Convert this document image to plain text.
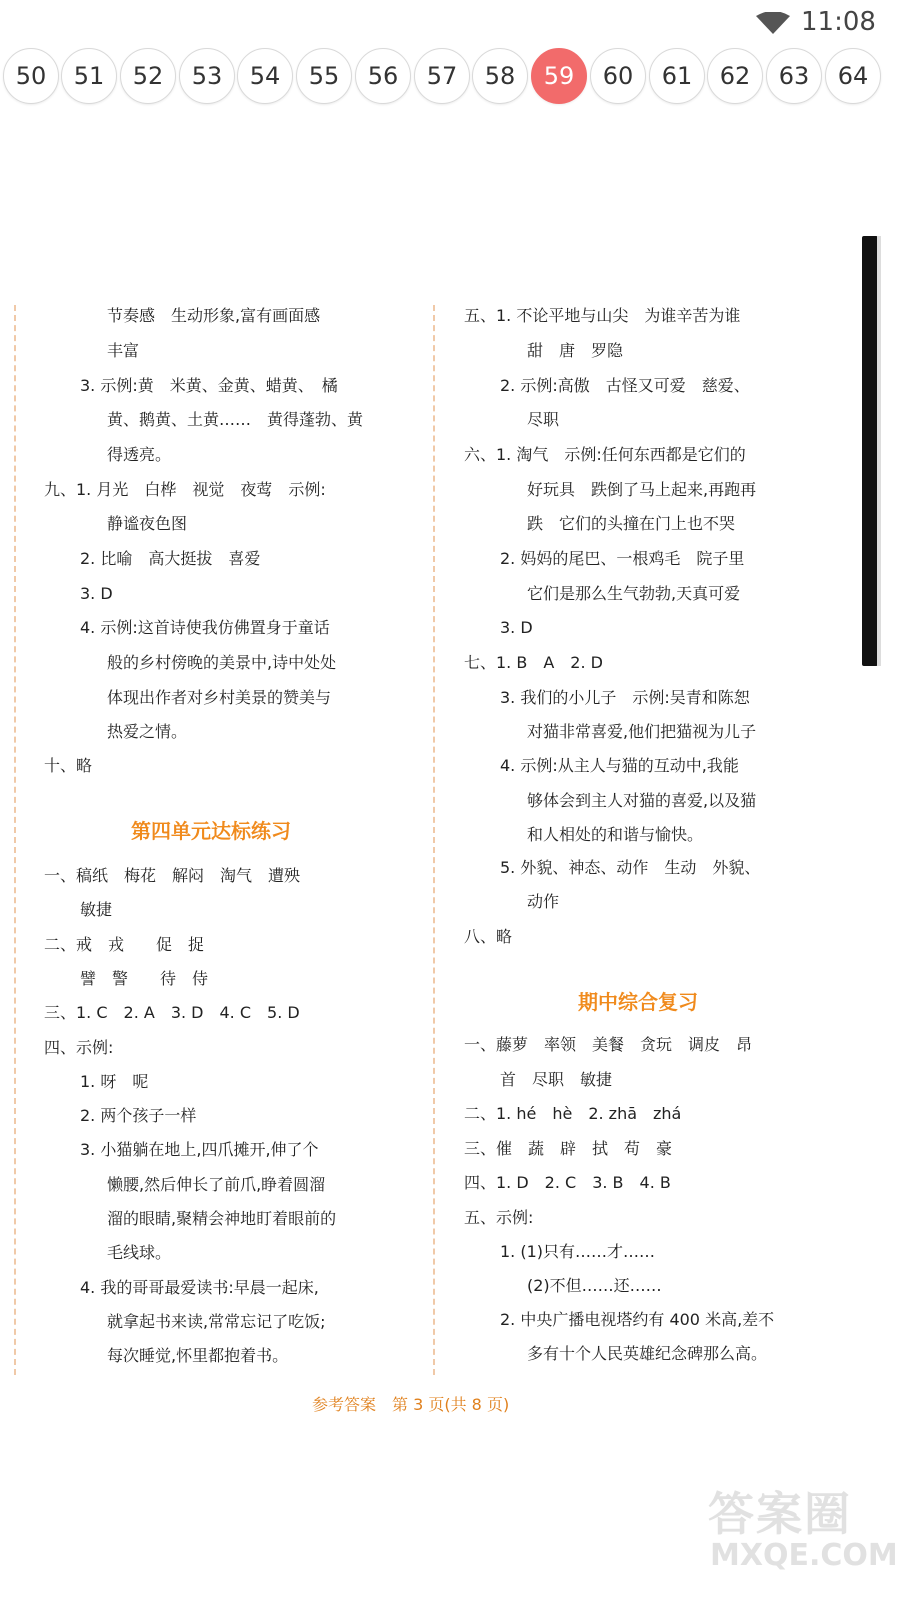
11:08
50	51	52	53	54	55	56	57	58	59	60	61	62	63	64
节奏感　生动形象,富有画面感
丰富
3. 示例:黄　米黄、金黄、蜡黄、　橘
黄、鹅黄、土黄……　黄得蓬勃、黄
得透亮。
九、1. 月光　白桦　视觉　夜莺　示例:
静谧夜色图
2. 比喻　高大挺拔　喜爱
3. D
4. 示例:这首诗使我仿佛置身于童话
般的乡村傍晚的美景中,诗中处处
体现出作者对乡村美景的赞美与
热爱之情。
十、略
第四单元达标练习
一、稿纸　梅花　解闷　淘气　遭殃
敏捷
二、戒　戎　　促　捉
譬　警　　待　侍
三、1. C　2. A　3. D　4. C　5. D
四、示例:
1. 呀　呢
2. 两个孩子一样
3. 小猫躺在地上,四爪摊开,伸了个
懒腰,然后伸长了前爪,睁着圆溜
溜的眼睛,聚精会神地盯着眼前的
毛线球。
4. 我的哥哥最爱读书:早晨一起床,
就拿起书来读,常常忘记了吃饭;
每次睡觉,怀里都抱着书。
五、1. 不论平地与山尖　为谁辛苦为谁
甜　唐　罗隐
2. 示例:高傲　古怪又可爱　慈爱、
尽职
六、1. 淘气　示例:任何东西都是它们的
好玩具　跌倒了马上起来,再跑再
跌　它们的头撞在门上也不哭
2. 妈妈的尾巴、一根鸡毛　院子里
它们是那么生气勃勃,天真可爱
3. D
七、1. B　A　2. D
3. 我们的小儿子　示例:吴青和陈恕
对猫非常喜爱,他们把猫视为儿子
4. 示例:从主人与猫的互动中,我能
够体会到主人对猫的喜爱,以及猫
和人相处的和谐与愉快。
5. 外貌、神态、动作　生动　外貌、
动作
八、略
期中综合复习
一、藤萝　率领　美餐　贪玩　调皮　昂
首　尽职　敏捷
二、1. hé　hè　2. zhā　zhá
三、催　蔬　辟　拭　苟　豪
四、1. D　2. C　3. B　4. B
五、示例:
1. (1)只有……才……
(2)不但……还……
2. 中央广播电视塔约有 400 米高,差不
多有十个人民英雄纪念碑那么高。
参考答案　第 3 页(共 8 页)
答案圈
MXQE.COM
